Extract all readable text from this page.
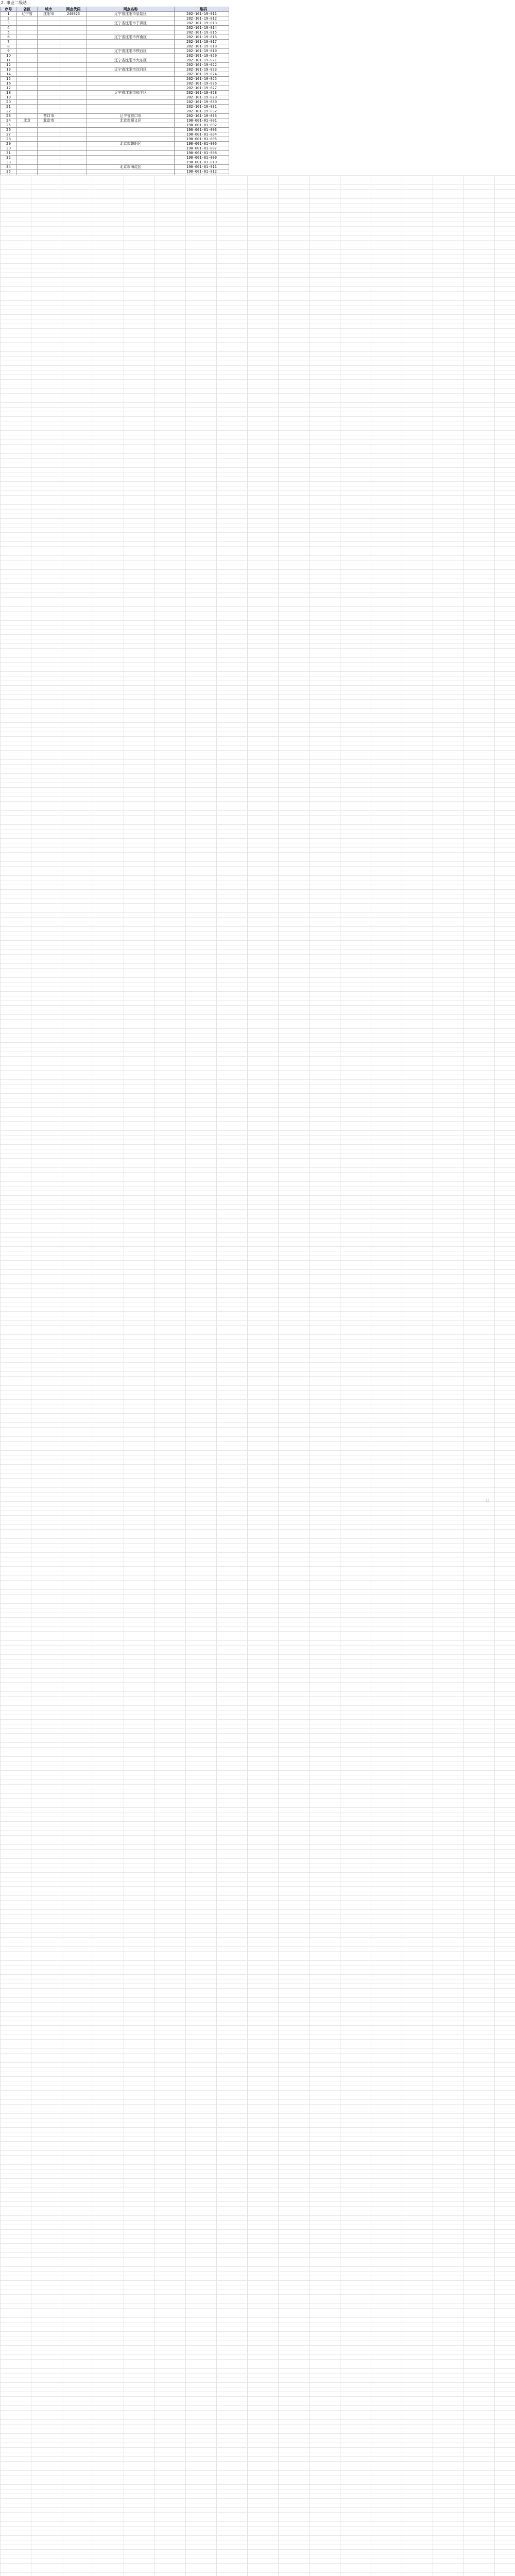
2. 事业二级站
序号	省区	城市	网点代码	网点名称	二维码
1	辽宁省	沈阳市	240025	辽宁省沈阳市皇姑区	202-101-19-011
2					202-101-19-012
3				辽宁省沈阳市于洪区	202-101-19-013
4					202-101-19-014
5					202-101-19-015
6				辽宁省沈阳市浑南区	202-101-19-016
7					202-101-19-017
8					202-101-19-018
9				辽宁省沈阳市铁西区	202-101-19-019
10					202-101-19-020
11				辽宁省沈阳市大东区	202-101-19-021
12					202-101-19-022
13				辽宁省沈阳市沈河区	202-101-19-023
14					202-101-19-024
15					202-101-19-025
16					202-101-19-026
17					202-101-19-027
18				辽宁省沈阳市和平区	202-101-19-028
19					202-101-19-029
20					202-101-19-030
21					202-101-19-031
22					202-101-19-032
23		营口市		辽宁省营口市	202-101-19-033
24	北京	北京市		北京市顺义区	190-001-01-001
25					190-001-01-002
26					190-001-01-003
27					190-001-01-004
28					190-001-01-005
29				北京市朝阳区	190-001-01-006
30					190-001-01-007
31					190-001-01-008
32					190-001-01-009
33					190-001-01-010
34				北京市海淀区	190-001-01-011
35					190-001-01-012

▯
